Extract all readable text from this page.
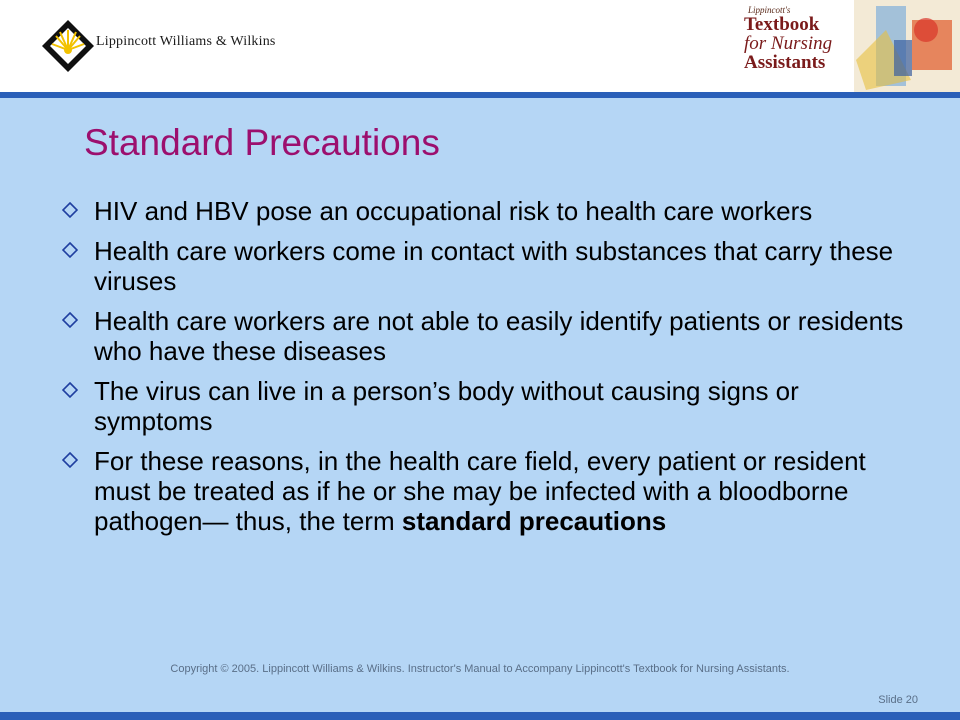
Lippincott Williams & Wilkins
Lippincott's
Textbook
for Nursing
Assistants
Standard Precautions
HIV and HBV pose an occupational risk to health care workers
Health care workers come in contact with substances that carry these viruses
Health care workers are not able to easily identify patients or residents who have these diseases
The virus can live in a person’s body without causing signs or symptoms
For these reasons, in the health care field, every patient or resident must be treated as if he or she may be infected with a bloodborne pathogen— thus, the term standard precautions
Copyright © 2005. Lippincott Williams & Wilkins. Instructor's Manual to Accompany Lippincott's Textbook for Nursing Assistants.
Slide 20
